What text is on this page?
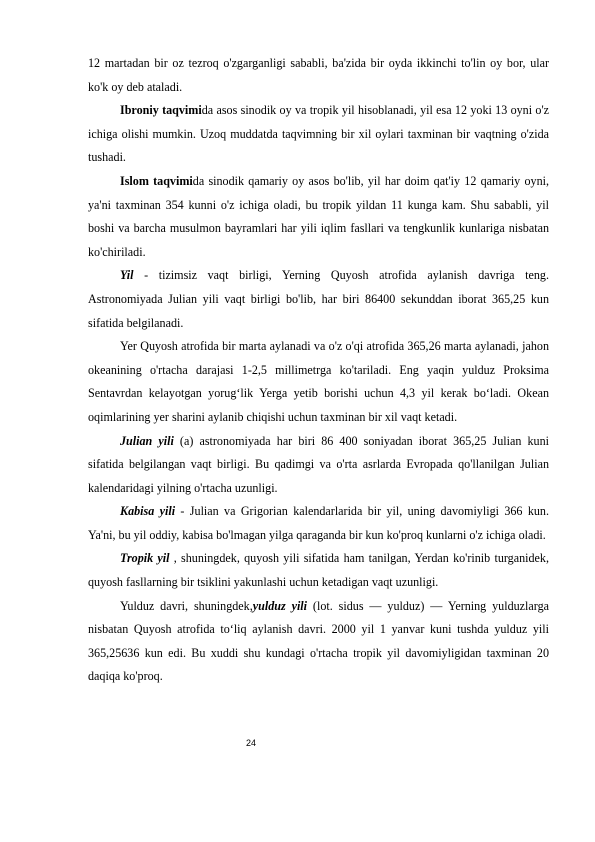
12 martadan bir oz tezroq o'zgarganligi sababli, ba'zida bir oyda ikkinchi to'lin oy bor, ular ko'k oy deb ataladi.

Ibroniy taqvimida asos sinodik oy va tropik yil hisoblanadi, yil esa 12 yoki 13 oyni o'z ichiga olishi mumkin. Uzoq muddatda taqvimning bir xil oylari taxminan bir vaqtning o'zida tushadi.

Islom taqvimida sinodik qamariy oy asos bo'lib, yil har doim qat'iy 12 qamariy oyni, ya'ni taxminan 354 kunni o'z ichiga oladi, bu tropik yildan 11 kunga kam. Shu sababli, yil boshi va barcha musulmon bayramlari har yili iqlim fasllari va tengkunlik kunlariga nisbatan ko'chiriladi.

Yil - tizimsiz vaqt birligi, Yerning Quyosh atrofida aylanish davriga teng. Astronomiyada Julian yili vaqt birligi bo'lib, har biri 86400 sekunddan iborat 365,25 kun sifatida belgilanadi.

Yer Quyosh atrofida bir marta aylanadi va o'z o'qi atrofida 365,26 marta aylanadi, jahon okeanining o'rtacha darajasi 1-2,5 millimetrga ko'tariladi. Eng yaqin yulduz Proksima Sentavrdan kelayotgan yorug‘lik Yerga yetib borishi uchun 4,3 yil kerak bo‘ladi. Okean oqimlarining yer sharini aylanib chiqishi uchun taxminan bir xil vaqt ketadi.

Julian yili (a) astronomiyada har biri 86 400 soniyadan iborat 365,25 Julian kuni sifatida belgilangan vaqt birligi. Bu qadimgi va o'rta asrlarda Evropada qo'llanilgan Julian kalendaridagi yilning o'rtacha uzunligi.

Kabisa yili - Julian va Grigorian kalendarlarida bir yil, uning davomiyligi 366 kun. Ya'ni, bu yil oddiy, kabisa bo'lmagan yilga qaraganda bir kun ko'proq kunlarni o'z ichiga oladi.

Tropik yil , shuningdek, quyosh yili sifatida ham tanilgan, Yerdan ko'rinib turganidek, quyosh fasllarning bir tsiklini yakunlashi uchun ketadigan vaqt uzunligi.

Yulduz davri, shuningdek,yulduz yili (lot. sidus — yulduz) — Yerning yulduzlarga nisbatan Quyosh atrofida to‘liq aylanish davri. 2000 yil 1 yanvar kuni tushda yulduz yili 365,25636 kun edi. Bu xuddi shu kundagi o'rtacha tropik yil davomiyligidan taxminan 20 daqiqa ko'proq.

24
